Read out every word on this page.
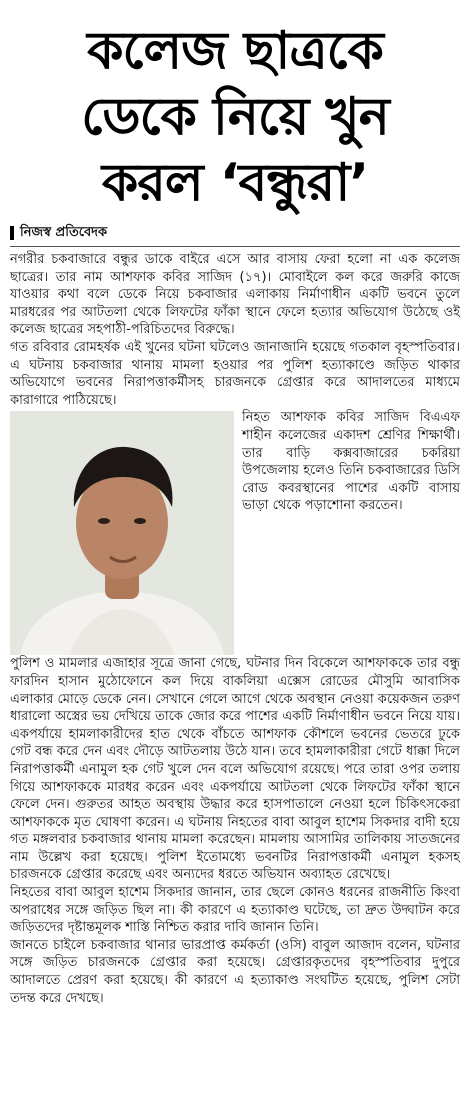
কলেজ ছাত্রকে
ডেকে নিয়ে খুন
করল ‘বন্ধুরা’
নিজস্ব প্রতিবেদক

নগরীর চকবাজারে বন্ধুর ডাকে বাইরে এসে আর বাসায় ফেরা হলো না এক কলেজ ছাত্রের। তার নাম আশফাক কবির সাজিদ (১৭)। মোবাইলে কল করে জরুরি কাজে যাওয়ার কথা বলে ডেকে নিয়ে চকবাজার এলাকায় নির্মাণাধীন একটি ভবনে তুলে মারধরের পর আটতলা থেকে লিফটের ফাঁকা স্থানে ফেলে হত্যার অভিযোগ উঠেছে ওই কলেজ ছাত্রের সহপাঠী-পরিচিতদের বিরুদ্ধে।

গত রবিবার রোমহর্ষক এই খুনের ঘটনা ঘটলেও জানাজানি হয়েছে গতকাল বৃহস্পতিবার। এ ঘটনায় চকবাজার থানায় মামলা হওয়ার পর পুলিশ হত্যাকাণ্ডে জড়িত থাকার অভিযোগে ভবনের নিরাপত্তাকর্মীসহ চারজনকে গ্রেপ্তার করে আদালতের মাধ্যমে কারাগারে পাঠিয়েছে।

নিহত আশফাক কবির সাজিদ বিএএফ শাহীন কলেজের একাদশ শ্রেণির শিক্ষার্থী। তার বাড়ি কক্সবাজারের চকরিয়া উপজেলায় হলেও তিনি চকবাজারের ডিসি রোড কবরস্থানের পাশের একটি বাসায় ভাড়া থেকে পড়াশোনা করতেন।

পুলিশ ও মামলার এজাহার সূত্রে জানা গেছে, ঘটনার দিন বিকেলে আশফাককে তার বন্ধু ফারদিন হাসান মুঠোফোনে কল দিয়ে বাকলিয়া এক্সেস রোডের মৌসুমি আবাসিক এলাকার মোড়ে ডেকে নেন। সেখানে গেলে আগে থেকে অবস্থান নেওয়া কয়েকজন তরুণ ধারালো অস্ত্রের ভয় দেখিয়ে তাকে জোর করে পাশের একটি নির্মাণাধীন ভবনে নিয়ে যায়। একপর্যায়ে হামলাকারীদের হাত থেকে বাঁচতে আশফাক কৌশলে ভবনের ভেতরে ঢুকে গেট বন্ধ করে দেন এবং দৌড়ে আটতলায় উঠে যান। তবে হামলাকারীরা গেটে ধাক্কা দিলে নিরাপত্তাকর্মী এনামুল হক গেট খুলে দেন বলে অভিযোগ রয়েছে। পরে তারা ওপর তলায় গিয়ে আশফাককে মারধর করেন এবং একপর্যায়ে আটতলা থেকে লিফটের ফাঁকা স্থানে ফেলে দেন। গুরুতর আহত অবস্থায় উদ্ধার করে হাসপাতালে নেওয়া হলে চিকিৎসকেরা আশফাককে মৃত ঘোষণা করেন। এ ঘটনায় নিহতের বাবা আবুল হাশেম সিকদার বাদী হয়ে গত মঙ্গলবার চকবাজার থানায় মামলা করেছেন। মামলায় আসামির তালিকায় সাতজনের নাম উল্লেখ করা হয়েছে। পুলিশ ইতোমধ্যে ভবনটির নিরাপত্তাকর্মী এনামুল হকসহ চারজনকে গ্রেপ্তার করেছে এবং অন্যদের ধরতে অভিযান অব্যাহত রেখেছে।

নিহতের বাবা আবুল হাশেম সিকদার জানান, তার ছেলে কোনও ধরনের রাজনীতি কিংবা অপরাধের সঙ্গে জড়িত ছিল না। কী কারণে এ হত্যাকাণ্ড ঘটেছে, তা দ্রুত উদ্ঘাটন করে জড়িতদের দৃষ্টান্তমূলক শাস্তি নিশ্চিত করার দাবি জানান তিনি।

জানতে চাইলে চকবাজার থানার ভারপ্রাপ্ত কর্মকর্তা (ওসি) বাবুল আজাদ বলেন, ঘটনার সঙ্গে জড়িত চারজনকে গ্রেপ্তার করা হয়েছে। গ্রেপ্তারকৃতদের বৃহস্পতিবার দুপুরে আদালতে প্রেরণ করা হয়েছে। কী কারণে এ হত্যাকাণ্ড সংঘটিত হয়েছে, পুলিশ সেটা তদন্ত করে দেখছে।
